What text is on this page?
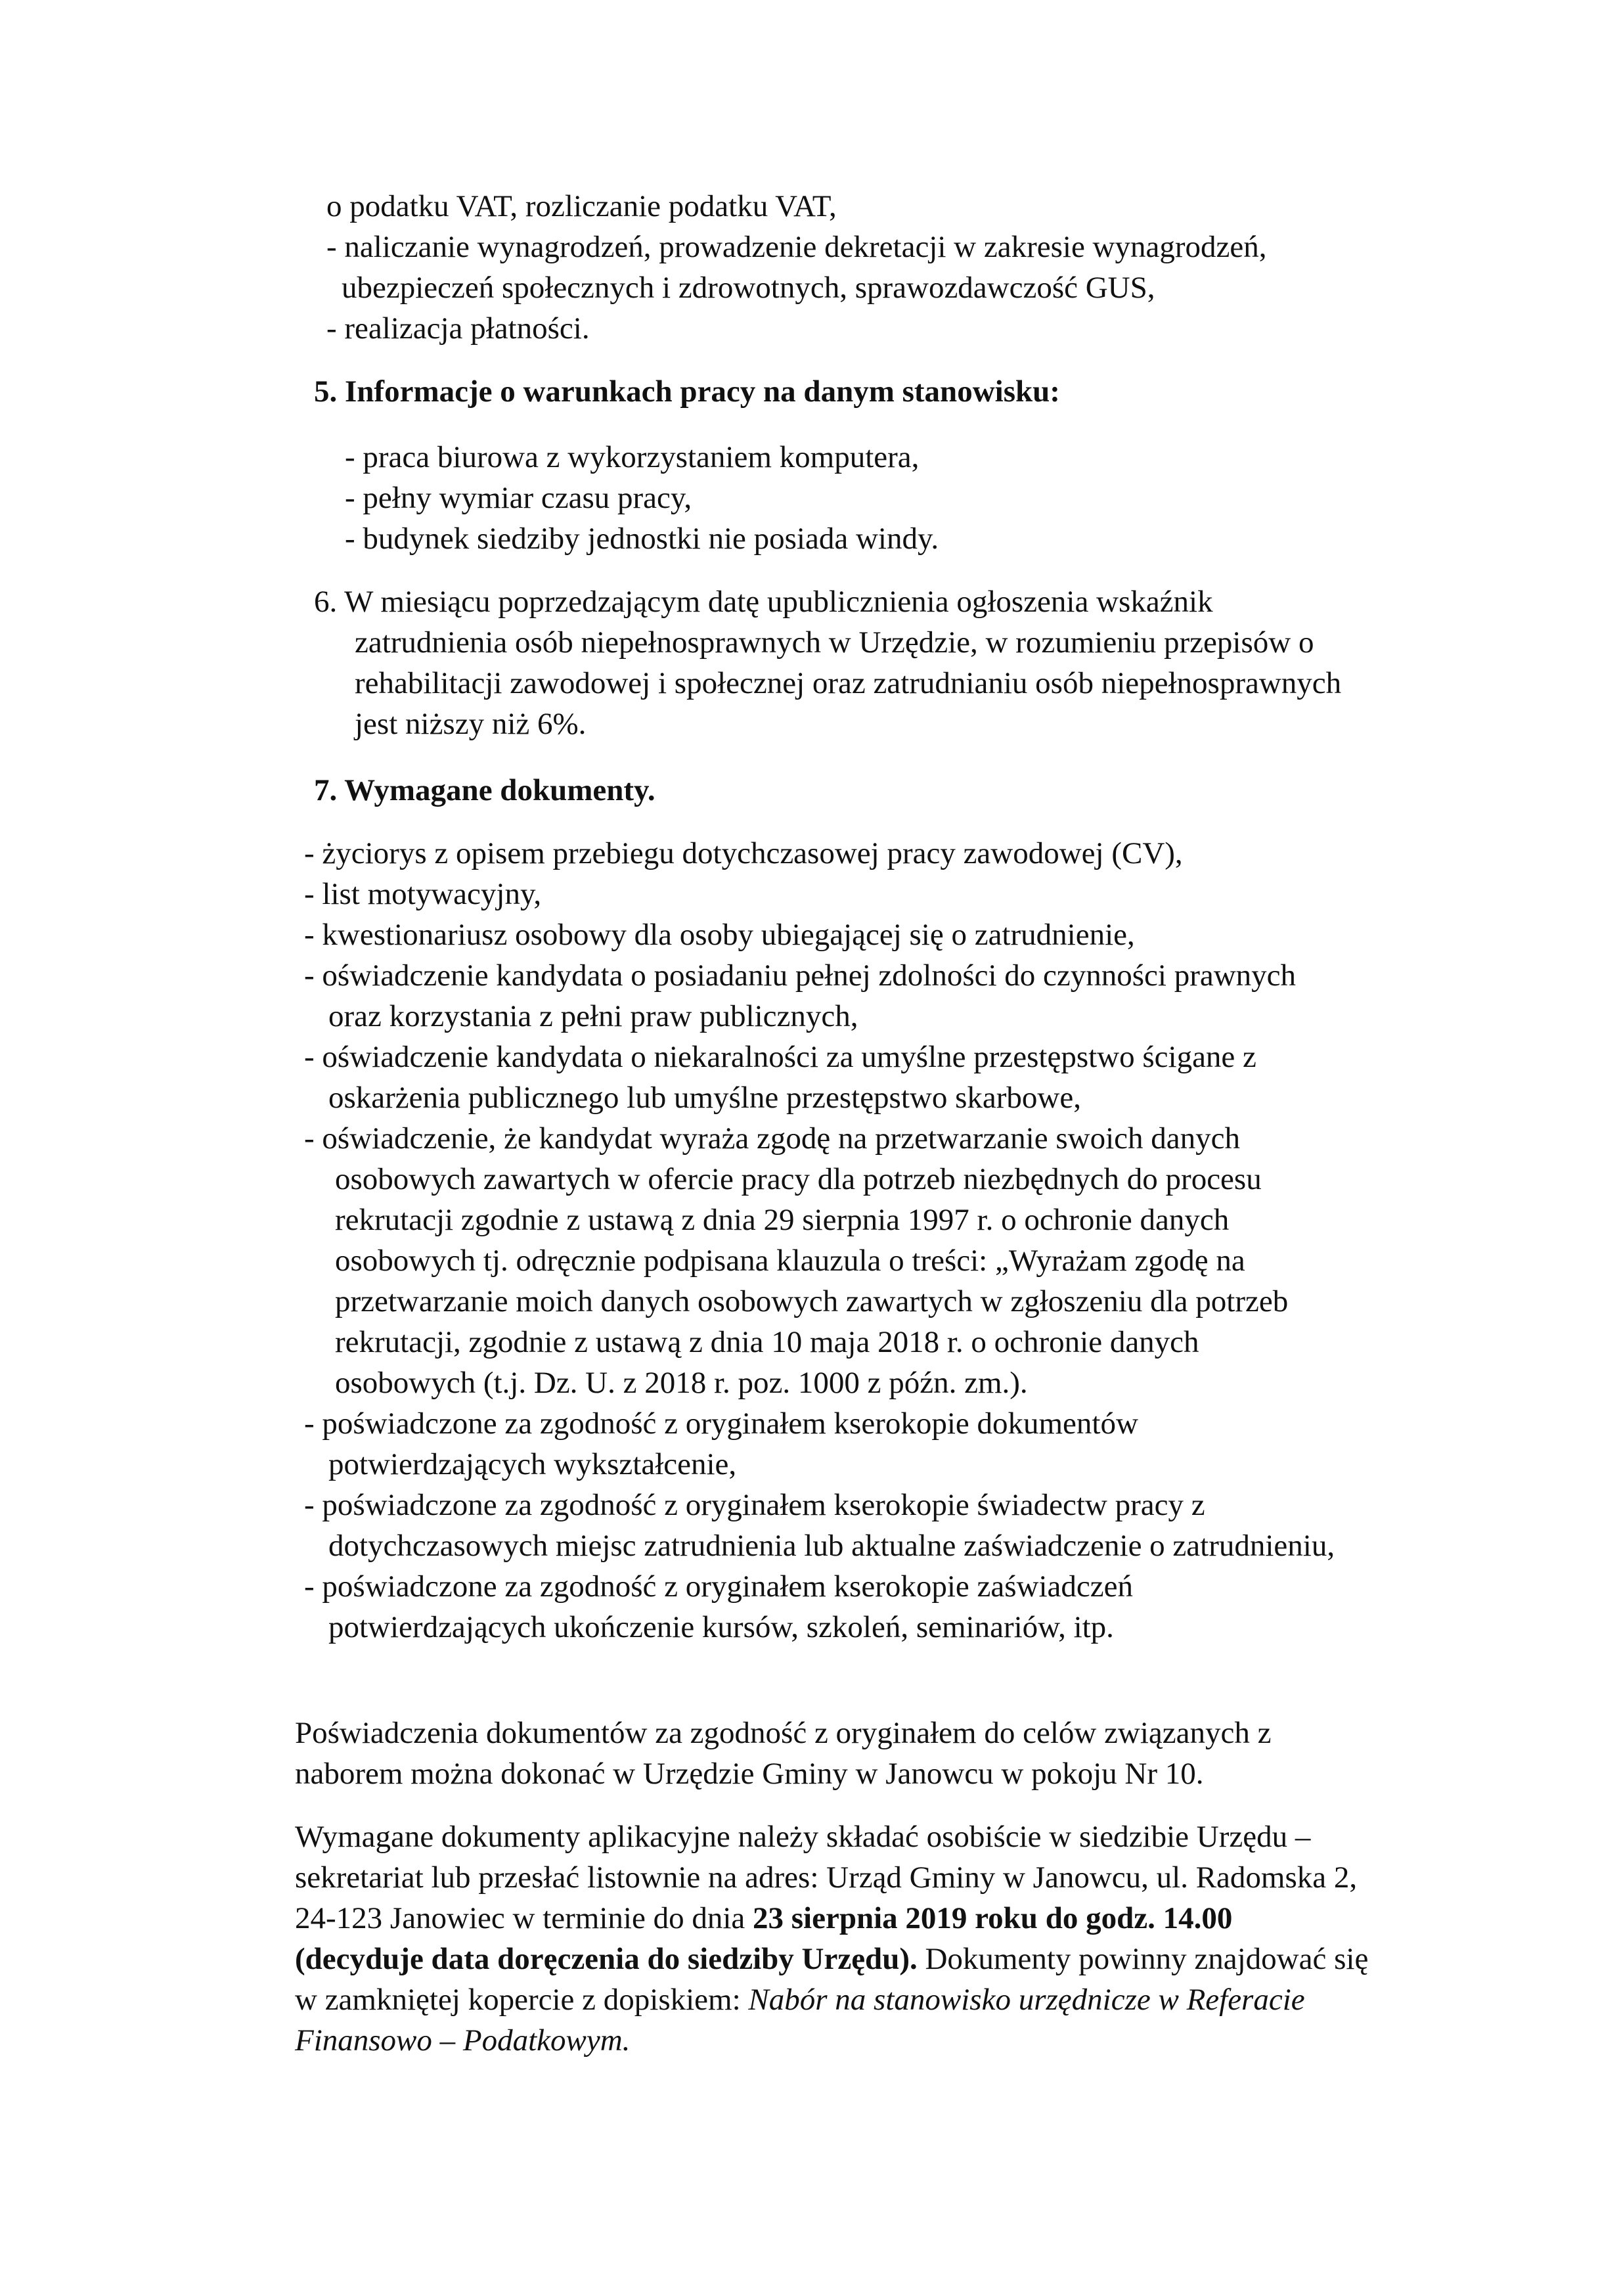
o podatku VAT, rozliczanie podatku VAT,
- naliczanie wynagrodzeń, prowadzenie dekretacji w zakresie wynagrodzeń,
ubezpieczeń społecznych i zdrowotnych, sprawozdawczość GUS,
- realizacja płatności.
5. Informacje o warunkach pracy na danym stanowisku:
- praca biurowa z wykorzystaniem komputera,
- pełny wymiar czasu pracy,
- budynek siedziby jednostki nie posiada windy.
6. W miesiącu poprzedzającym datę upublicznienia ogłoszenia wskaźnik
zatrudnienia osób niepełnosprawnych w Urzędzie, w rozumieniu przepisów o
rehabilitacji zawodowej i społecznej oraz zatrudnianiu osób niepełnosprawnych
jest niższy niż 6%.
7. Wymagane dokumenty.
- życiorys z opisem przebiegu dotychczasowej pracy zawodowej (CV),
- list motywacyjny,
- kwestionariusz osobowy dla osoby ubiegającej się o zatrudnienie,
- oświadczenie kandydata o posiadaniu pełnej zdolności do czynności prawnych
oraz korzystania z pełni praw publicznych,
- oświadczenie kandydata o niekaralności za umyślne przestępstwo ścigane z
oskarżenia publicznego lub umyślne przestępstwo skarbowe,
- oświadczenie, że kandydat wyraża zgodę na przetwarzanie swoich danych
osobowych zawartych w ofercie pracy dla potrzeb niezbędnych do procesu
rekrutacji zgodnie z ustawą z dnia 29 sierpnia 1997 r. o ochronie danych
osobowych tj. odręcznie podpisana klauzula o treści: „Wyrażam zgodę na
przetwarzanie moich danych osobowych zawartych w zgłoszeniu dla potrzeb
rekrutacji, zgodnie z ustawą z dnia 10 maja 2018 r. o ochronie danych
osobowych (t.j. Dz. U. z 2018 r. poz. 1000 z późn. zm.).
- poświadczone za zgodność z oryginałem kserokopie dokumentów
potwierdzających wykształcenie,
- poświadczone za zgodność z oryginałem kserokopie świadectw pracy z
dotychczasowych miejsc zatrudnienia lub aktualne zaświadczenie o zatrudnieniu,
- poświadczone za zgodność z oryginałem kserokopie zaświadczeń
potwierdzających ukończenie kursów, szkoleń, seminariów, itp.
Poświadczenia dokumentów za zgodność z oryginałem do celów związanych z
naborem można dokonać w Urzędzie Gminy w Janowcu w pokoju Nr 10.
Wymagane dokumenty aplikacyjne należy składać osobiście w siedzibie Urzędu –
sekretariat lub przesłać listownie na adres: Urząd Gminy w Janowcu, ul. Radomska 2,
24-123 Janowiec w terminie do dnia 23 sierpnia 2019 roku do godz. 14.00
(decyduje data doręczenia do siedziby Urzędu). Dokumenty powinny znajdować się
w zamkniętej kopercie z dopiskiem: Nabór na stanowisko urzędnicze w Referacie
Finansowo – Podatkowym.
